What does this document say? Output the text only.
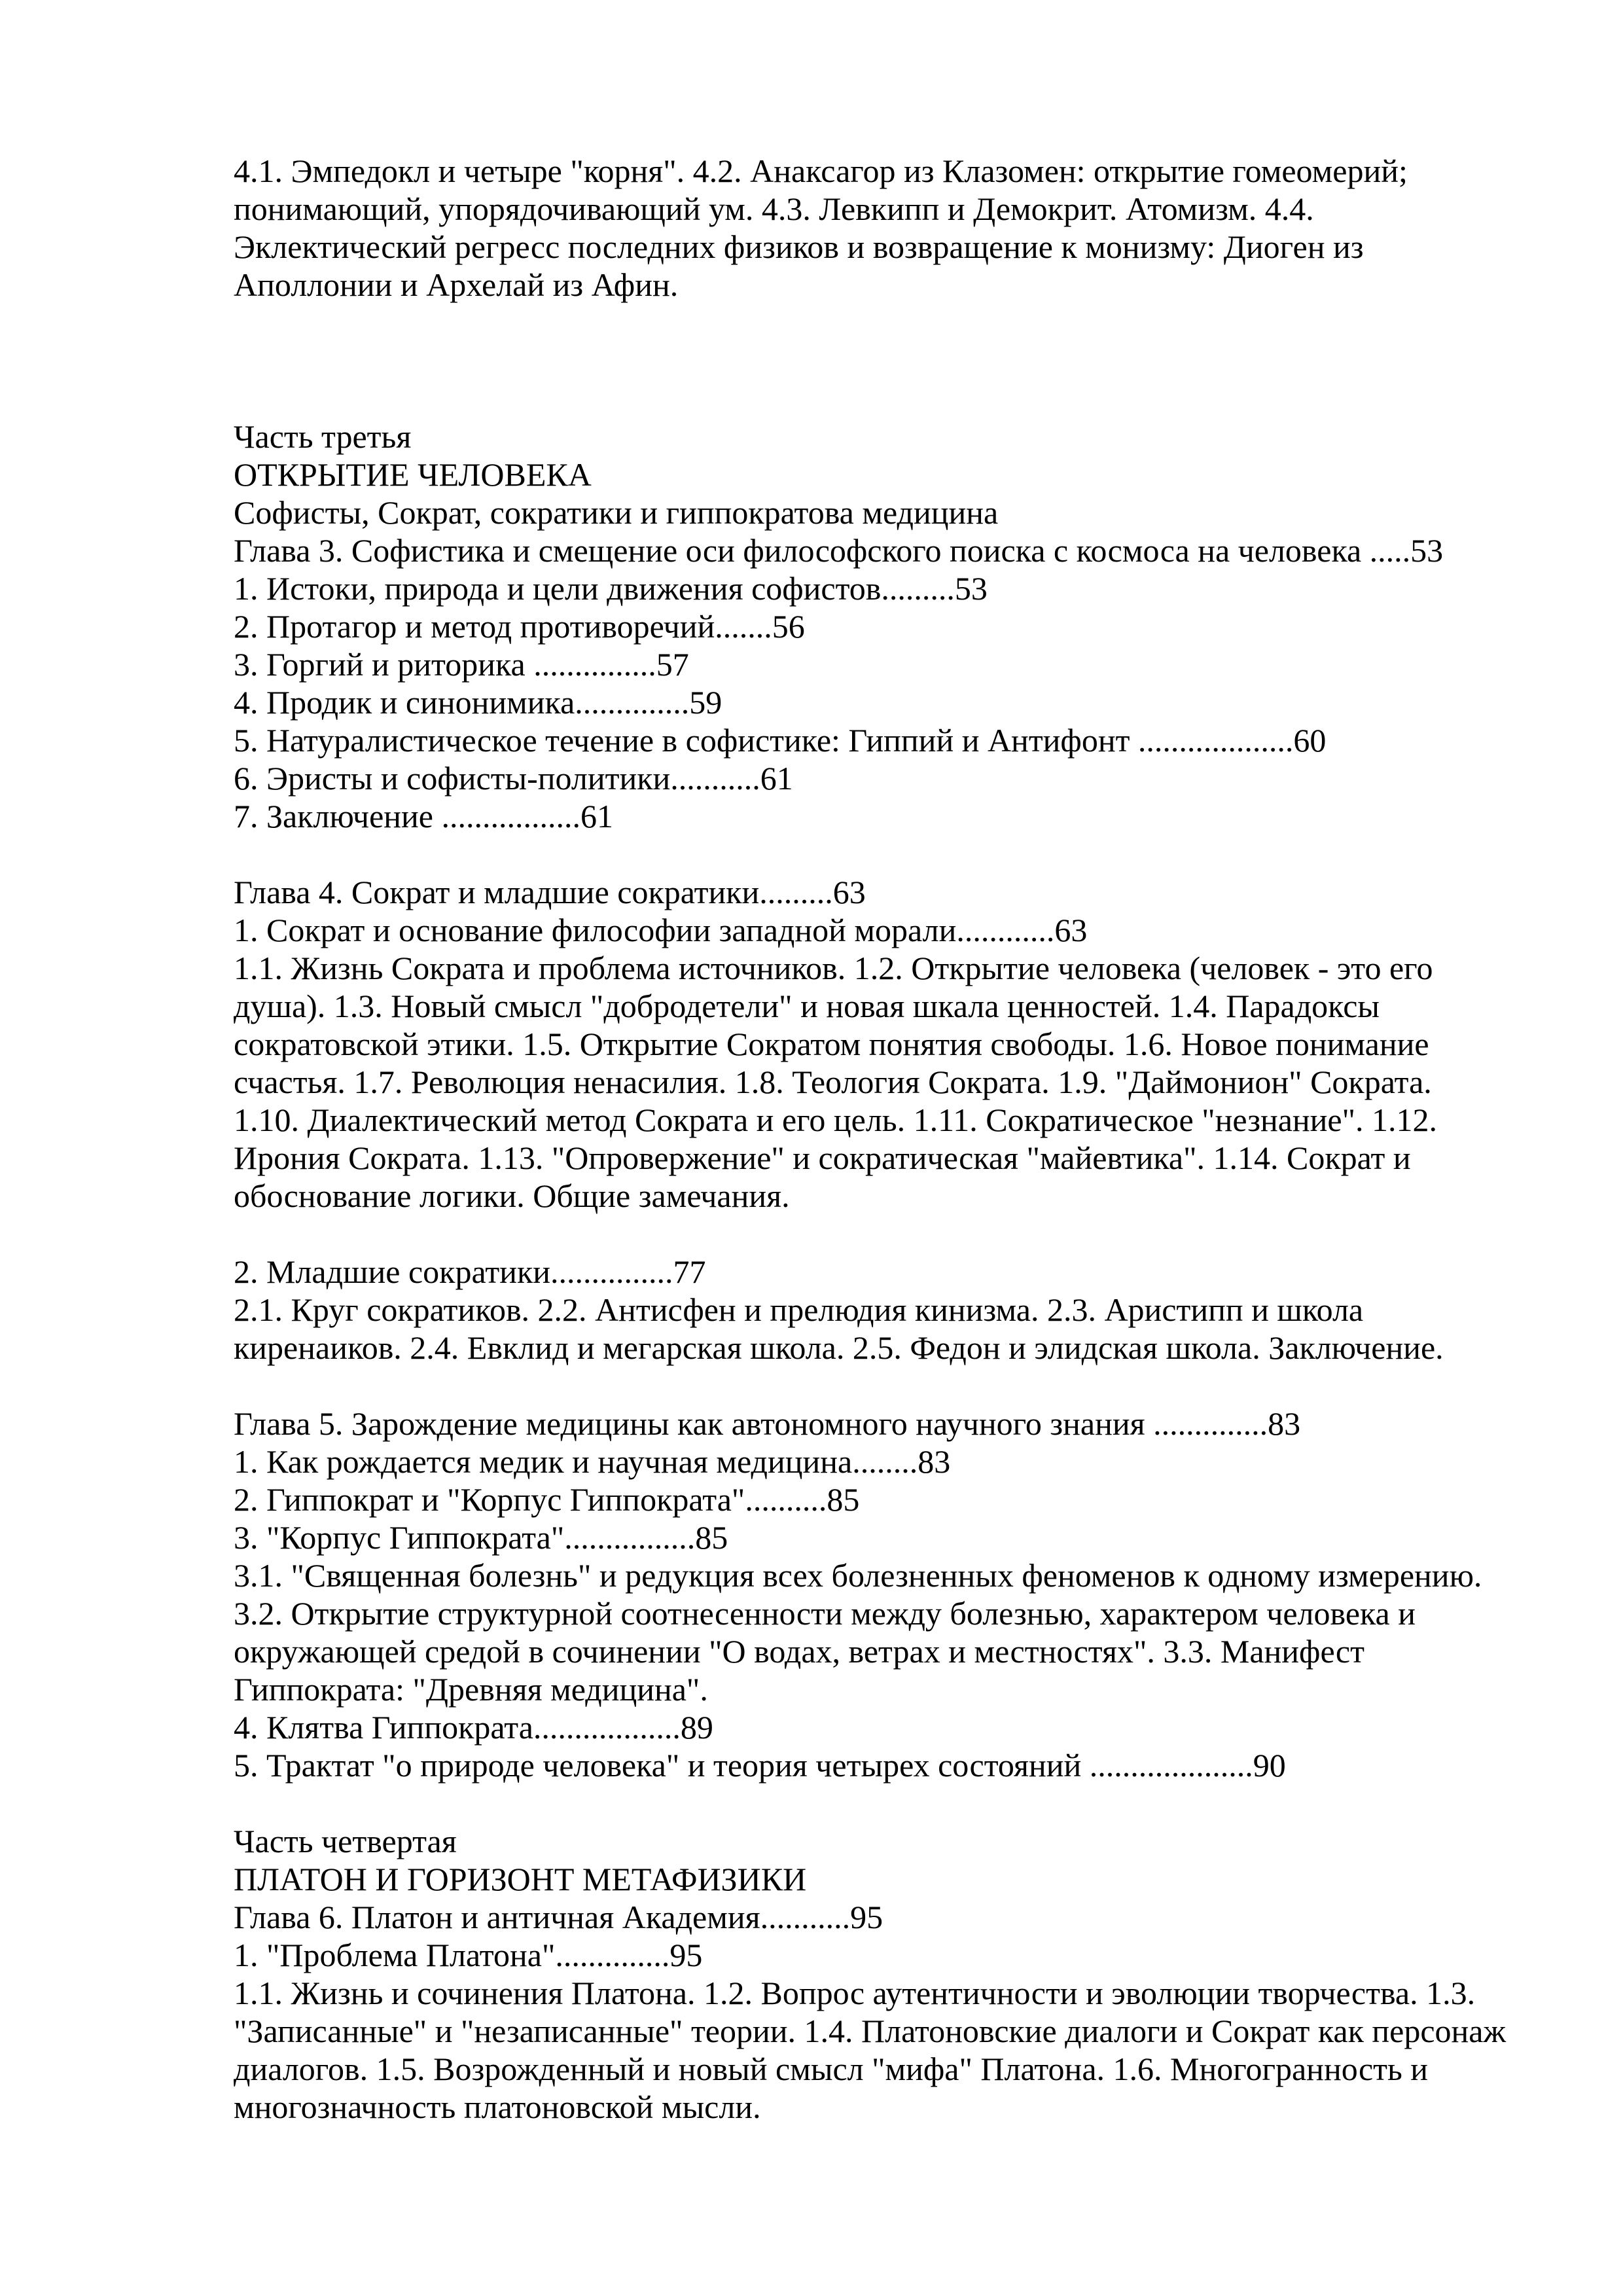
4.1. Эмпедокл и четыре "корня". 4.2. Анаксагор из Клазомен: открытие гомеомерий;

понимающий, упорядочивающий ум. 4.3. Левкипп и Демокрит. Атомизм. 4.4.

Эклектический регресс последних физиков и возвращение к монизму: Диоген из

Аполлонии и Архелай из Афин.

Часть третья

ОТКРЫТИЕ ЧЕЛОВЕКА

Софисты, Сократ, сократики и гиппократова медицина

Глава 3. Софистика и смещение оси философского поиска с космоса на человека .....53

1. Истоки, природа и цели движения софистов.........53

2. Протагор и метод противоречий.......56

3. Горгий и риторика ...............57

4. Продик и синонимика..............59

5. Натуралистическое течение в софистике: Гиппий и Антифонт ...................60

6. Эристы и софисты-политики...........61

7. Заключение .................61

Глава 4. Сократ и младшие сократики.........63

1. Сократ и основание философии западной морали............63

1.1. Жизнь Сократа и проблема источников. 1.2. Открытие человека (человек - это его

душа). 1.3. Новый смысл "добродетели" и новая шкала ценностей. 1.4. Парадоксы

сократовской этики. 1.5. Открытие Сократом понятия свободы. 1.6. Новое понимание

счастья. 1.7. Революция ненасилия. 1.8. Теология Сократа. 1.9. "Даймонион" Сократа.

1.10. Диалектический метод Сократа и его цель. 1.11. Сократическое "незнание". 1.12.

Ирония Сократа. 1.13. "Опровержение" и сократическая "майевтика". 1.14. Сократ и

обоснование логики. Общие замечания.

2. Младшие сократики...............77

2.1. Круг сократиков. 2.2. Антисфен и прелюдия кинизма. 2.3. Аристипп и школа

киренаиков. 2.4. Евклид и мегарская школа. 2.5. Федон и элидская школа. Заключение.

Глава 5. Зарождение медицины как автономного научного знания ..............83

1. Как рождается медик и научная медицина........83

2. Гиппократ и "Корпус Гиппократа"..........85

3. "Корпус Гиппократа"................85

3.1. "Священная болезнь" и редукция всех болезненных феноменов к одному измерению.

3.2. Открытие структурной соотнесенности между болезнью, характером человека и

окружающей средой в сочинении "О водах, ветрах и местностях". 3.3. Манифест

Гиппократа: "Древняя медицина".

4. Клятва Гиппократа..................89

5. Трактат "о природе человека" и теория четырех состояний ....................90

Часть четвертая

ПЛАТОН И ГОРИЗОНТ МЕТАФИЗИКИ

Глава 6. Платон и античная Академия...........95

1. "Проблема Платона"..............95

1.1. Жизнь и сочинения Платона. 1.2. Вопрос аутентичности и эволюции творчества. 1.3.

"Записанные" и "незаписанные" теории. 1.4. Платоновские диалоги и Сократ как персонаж

диалогов. 1.5. Возрожденный и новый смысл "мифа" Платона. 1.6. Многогранность и

многозначность платоновской мысли.
